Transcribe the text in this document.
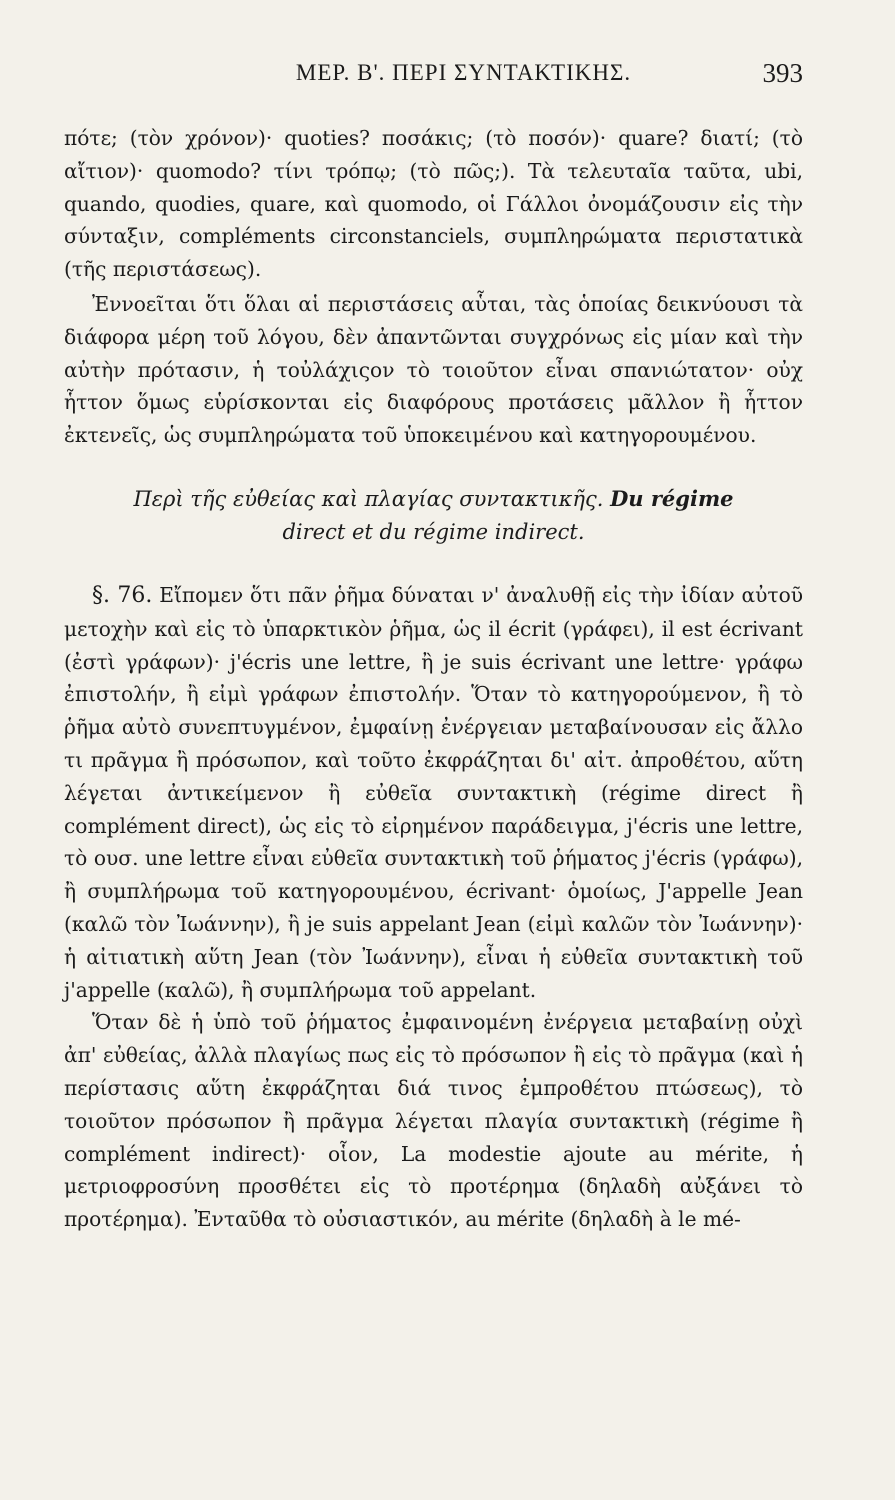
ΜΕΡ. Β'. ΠΕΡΙ ΣΥΝΤΑΚΤΙΚΗΣ.	393

πότε; (τὸν χρόνον)· quoties? ποσάκις; (τὸ ποσόν)· quare? διατί; (τὸ αἴτιον)· quomodo? τίνι τρόπῳ; (τὸ πῶς;). Τὰ τελευταῖα ταῦτα, ubi, quando, quodies, quare, καὶ quomodo, οἱ Γάλλοι ὀνομάζουσιν εἰς τὴν σύνταξιν, compléments circonstanciels, συμπληρώματα περιστατικὰ (τῆς περιστάσεως).

Ἐννοεῖται ὅτι ὅλαι αἱ περιστάσεις αὗται, τὰς ὁποίας δεικνύουσι τὰ διάφορα μέρη τοῦ λόγου, δὲν ἀπαντῶνται συγχρόνως εἰς μίαν καὶ τὴν αὐτὴν πρότασιν, ἡ τοὐλάχιςον τὸ τοιοῦτον εἶναι σπανιώτατον· οὐχ ἧττον ὅμως εὑρίσκονται εἰς διαφόρους προτάσεις μᾶλλον ἢ ἧττον ἐκτενεῖς, ὡς συμπληρώματα τοῦ ὑποκειμένου καὶ κατηγορουμένου.

Περὶ τῆς εὐθείας καὶ πλαγίας συντακτικῆς. Du régime
direct et du régime indirect.

§. 76. Εἴπομεν ὅτι πᾶν ῥῆμα δύναται ν' ἀναλυθῇ εἰς τὴν ἰδίαν αὐτοῦ μετοχὴν καὶ εἰς τὸ ὑπαρκτικὸν ῥῆμα, ὡς il écrit (γράφει), il est écrivant (ἐστὶ γράφων)· j'écris une lettre, ἢ je suis écrivant une lettre· γράφω ἐπιστολήν, ἢ εἰμὶ γράφων ἐπιστολήν. Ὅταν τὸ κατηγορούμενον, ἢ τὸ ῥῆμα αὐτὸ συνεπτυγμένον, ἐμφαίνῃ ἐνέργειαν μεταβαίνουσαν εἰς ἄλλο τι πρᾶγμα ἢ πρόσωπον, καὶ τοῦτο ἐκφράζηται δι' αἰτ. ἀπροθέτου, αὕτη λέγεται ἀντικείμενον ἢ εὐθεῖα συντακτικὴ (régime direct ἢ complément direct), ὡς εἰς τὸ εἰρημένον παράδειγμα, j'écris une lettre, τὸ ουσ. une lettre εἶναι εὐθεῖα συντακτικὴ τοῦ ῥήματος j'écris (γράφω), ἢ συμπλήρωμα τοῦ κατηγορουμένου, écrivant· ὁμοίως, J'appelle Jean (καλῶ τὸν Ἰωάννην), ἢ je suis appelant Jean (εἰμὶ καλῶν τὸν Ἰωάννην)· ἡ αἰτιατικὴ αὕτη Jean (τὸν Ἰωάννην), εἶναι ἡ εὐθεῖα συντακτικὴ τοῦ j'appelle (καλῶ), ἢ συμπλήρωμα τοῦ appelant.

Ὅταν δὲ ἡ ὑπὸ τοῦ ῥήματος ἐμφαινομένη ἐνέργεια μεταβαίνῃ οὐχὶ ἀπ' εὐθείας, ἀλλὰ πλαγίως πως εἰς τὸ πρόσωπον ἢ εἰς τὸ πρᾶγμα (καὶ ἡ περίστασις αὕτη ἐκφράζηται διά τινος ἐμπροθέτου πτώσεως), τὸ τοιοῦτον πρόσωπον ἢ πρᾶγμα λέγεται πλαγία συντακτικὴ (régime ἢ complément indirect)· οἷον, La modestie ajoute au mérite, ἡ μετριοφροσύνη προσθέτει εἰς τὸ προτέρημα (δηλαδὴ αὐξάνει τὸ προτέρημα). Ἐνταῦθα τὸ οὐσιαστικόν, au mérite (δηλαδὴ à le mé-
